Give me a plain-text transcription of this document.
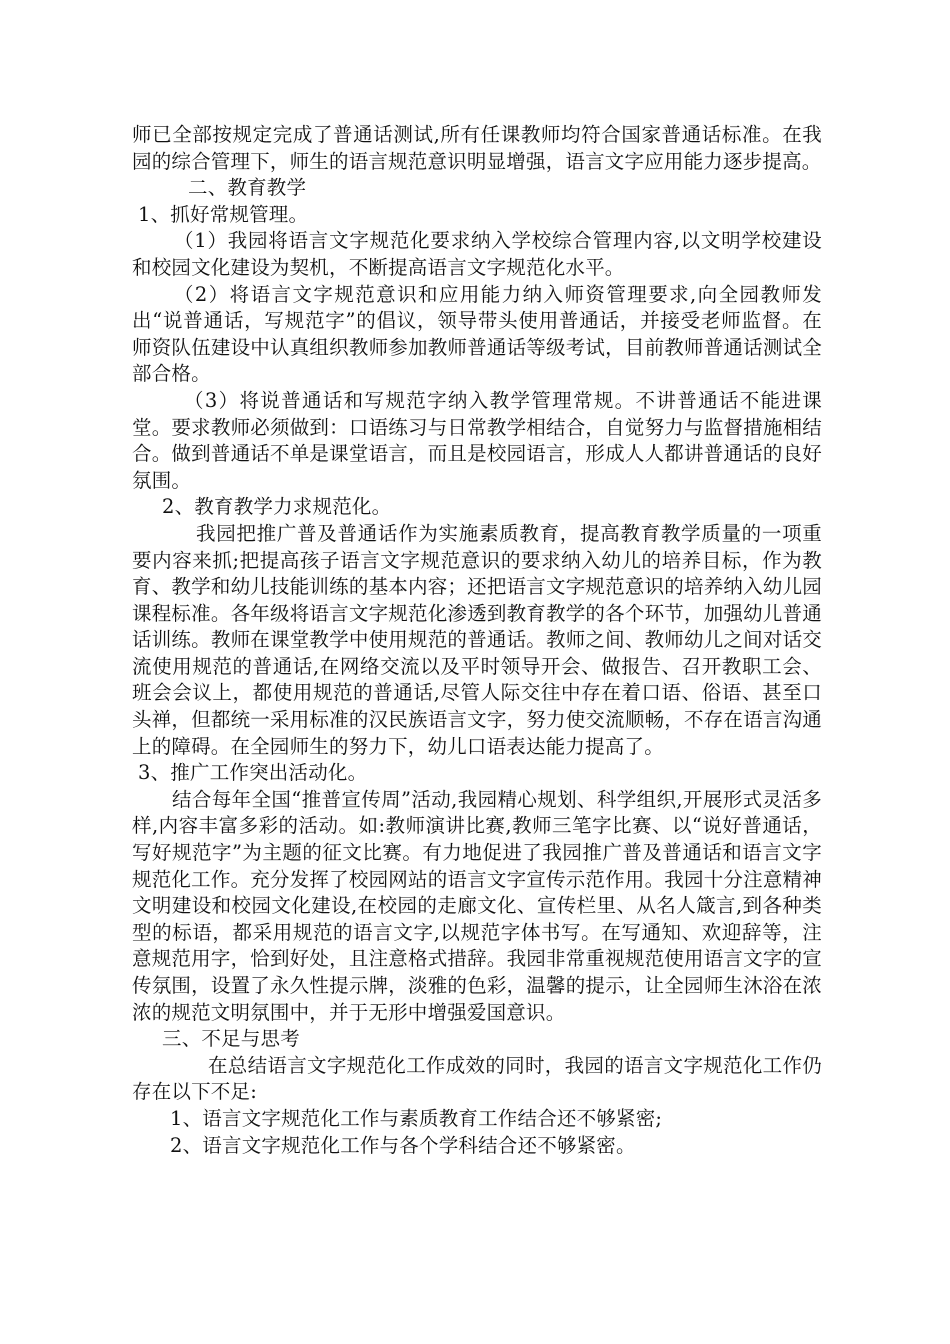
师已全部按规定完成了普通话测试,所有任课教师均符合国家普通话标准。在我园的综合管理下，师生的语言规范意识明显增强，语言文字应用能力逐步提高。

二、教育教学

1、抓好常规管理。

（1）我园将语言文字规范化要求纳入学校综合管理内容,以文明学校建设和校园文化建设为契机，不断提高语言文字规范化水平。

（2）将语言文字规范意识和应用能力纳入师资管理要求,向全园教师发出“说普通话，写规范字”的倡议，领导带头使用普通话，并接受老师监督。在师资队伍建设中认真组织教师参加教师普通话等级考试，目前教师普通话测试全部合格。

（3）将说普通话和写规范字纳入教学管理常规。不讲普通话不能进课堂。要求教师必须做到：口语练习与日常教学相结合，自觉努力与监督措施相结合。做到普通话不单是课堂语言，而且是校园语言，形成人人都讲普通话的良好氛围。

2、教育教学力求规范化。

我园把推广普及普通话作为实施素质教育，提高教育教学质量的一项重要内容来抓;把提高孩子语言文字规范意识的要求纳入幼儿的培养目标，作为教育、教学和幼儿技能训练的基本内容；还把语言文字规范意识的培养纳入幼儿园课程标准。各年级将语言文字规范化渗透到教育教学的各个环节，加强幼儿普通话训练。教师在课堂教学中使用规范的普通话。教师之间、教师幼儿之间对话交流使用规范的普通话,在网络交流以及平时领导开会、做报告、召开教职工会、班会会议上，都使用规范的普通话,尽管人际交往中存在着口语、俗语、甚至口头禅，但都统一采用标准的汉民族语言文字，努力使交流顺畅，不存在语言沟通上的障碍。在全园师生的努力下，幼儿口语表达能力提高了。

3、推广工作突出活动化。

结合每年全国“推普宣传周”活动,我园精心规划、科学组织,开展形式灵活多样,内容丰富多彩的活动。如:教师演讲比赛,教师三笔字比赛、以“说好普通话，写好规范字”为主题的征文比赛。有力地促进了我园推广普及普通话和语言文字规范化工作。充分发挥了校园网站的语言文字宣传示范作用。我园十分注意精神文明建设和校园文化建设,在校园的走廊文化、宣传栏里、从名人箴言,到各种类型的标语，都采用规范的语言文字,以规范字体书写。在写通知、欢迎辞等，注意规范用字，恰到好处，且注意格式措辞。我园非常重视规范使用语言文字的宣传氛围，设置了永久性提示牌，淡雅的色彩，温馨的提示，让全园师生沐浴在浓浓的规范文明氛围中，并于无形中增强爱国意识。

三、不足与思考

在总结语言文字规范化工作成效的同时，我园的语言文字规范化工作仍存在以下不足:

1、语言文字规范化工作与素质教育工作结合还不够紧密;

2、语言文字规范化工作与各个学科结合还不够紧密。
